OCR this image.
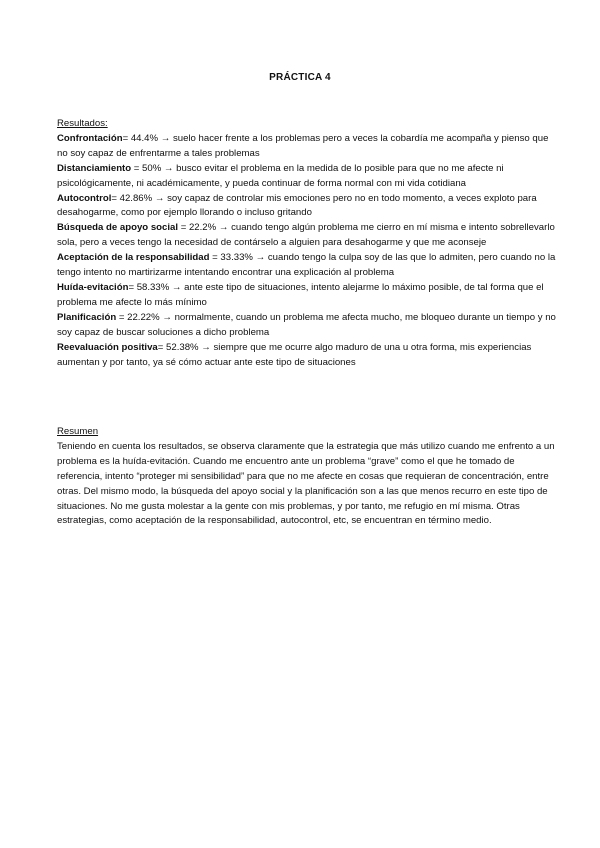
PRÁCTICA 4
Resultados:
Confrontación= 44.4% → suelo hacer frente a los problemas pero a veces la cobardía me acompaña y pienso que no soy capaz de enfrentarme a tales problemas
Distanciamiento = 50% → busco evitar el problema en la medida de lo posible para que no me afecte ni psicológicamente, ni académicamente, y pueda continuar de forma normal con mi vida cotidiana
Autocontrol= 42.86% → soy capaz de controlar mis emociones pero no en todo momento, a veces exploto para desahogarme, como por ejemplo llorando o incluso gritando
Búsqueda de apoyo social = 22.2% → cuando tengo algún problema me cierro en mí misma e intento sobrellevarlo sola, pero a veces tengo la necesidad de contárselo a alguien para desahogarme y que me aconseje
Aceptación de la responsabilidad = 33.33% → cuando tengo la culpa soy de las que lo admiten, pero cuando no la tengo intento no martirizarme intentando encontrar una explicación al problema
Huída-evitación= 58.33% → ante este tipo de situaciones, intento alejarme lo máximo posible, de tal forma que el problema me afecte lo más mínimo
Planificación = 22.22% → normalmente, cuando un problema me afecta mucho, me bloqueo durante un tiempo y no soy capaz de buscar soluciones a dicho problema
Reevaluación positiva= 52.38% → siempre que me ocurre algo maduro de una u otra forma, mis experiencias aumentan y por tanto, ya sé cómo actuar ante este tipo de situaciones
Resumen

Teniendo en cuenta los resultados, se observa claramente que la estrategia que más utilizo cuando me enfrento a un problema es la huída-evitación. Cuando me encuentro ante un problema “grave” como el que he tomado de referencia, intento “proteger mi sensibilidad” para que no me afecte en cosas que requieran de concentración, entre otras. Del mismo modo, la búsqueda del apoyo social y la planificación son a las que menos recurro en este tipo de situaciones. No me gusta molestar a la gente con mis problemas, y por tanto, me refugio en mí misma. Otras estrategias, como aceptación de la responsabilidad, autocontrol, etc, se encuentran en término medio.
